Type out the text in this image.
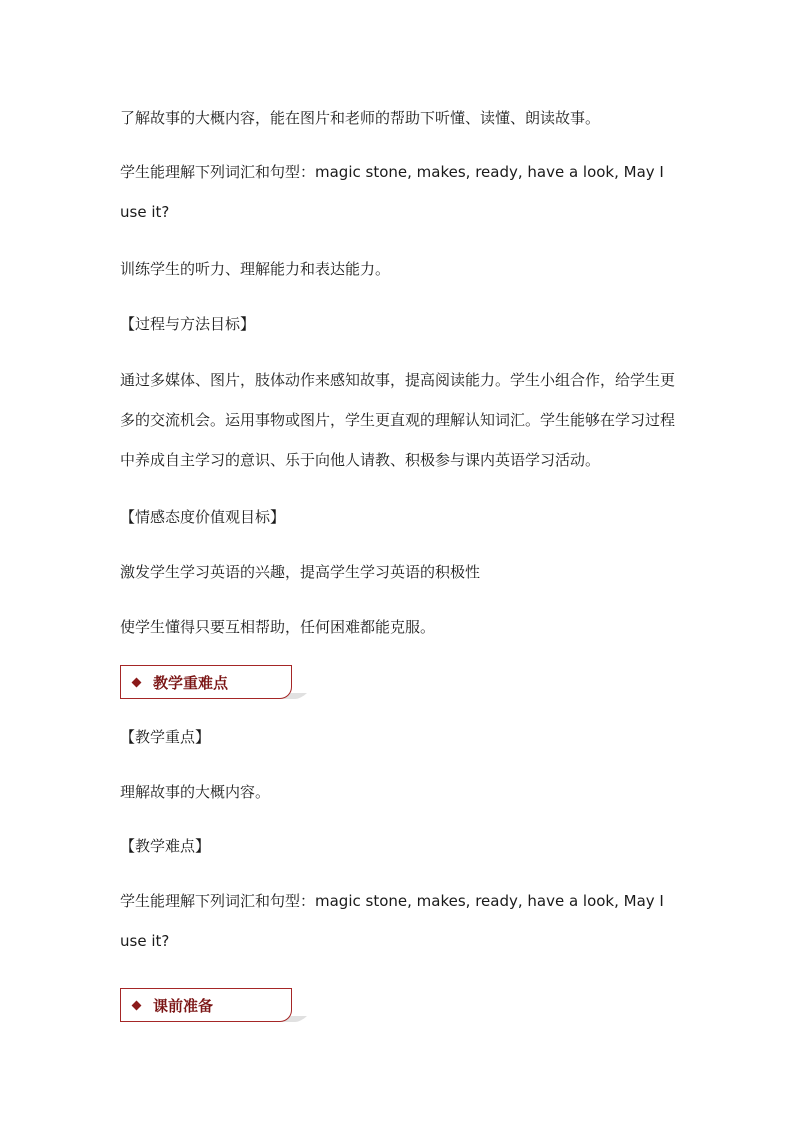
了解故事的大概内容，能在图片和老师的帮助下听懂、读懂、朗读故事。

学生能理解下列词汇和句型：magic stone, makes, ready, have a look, May I use it?

训练学生的听力、理解能力和表达能力。

【过程与方法目标】

通过多媒体、图片，肢体动作来感知故事，提高阅读能力。学生小组合作，给学生更多的交流机会。运用事物或图片，学生更直观的理解认知词汇。学生能够在学习过程中养成自主学习的意识、乐于向他人请教、积极参与课内英语学习活动。

【情感态度价值观目标】

激发学生学习英语的兴趣，提高学生学习英语的积极性

使学生懂得只要互相帮助，任何困难都能克服。

教学重难点

【教学重点】

理解故事的大概内容。

【教学难点】

学生能理解下列词汇和句型：magic stone, makes, ready, have a look, May I use it?

课前准备
